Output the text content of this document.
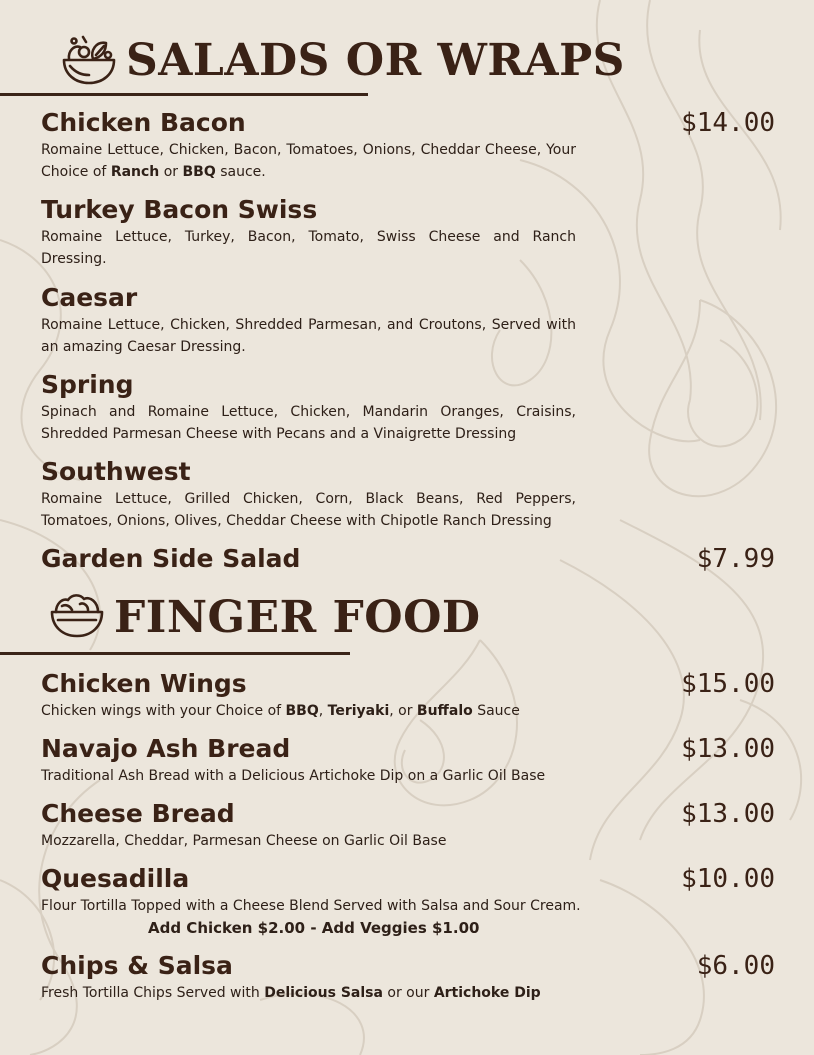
SALADS OR WRAPS
Chicken Bacon	$14.00
Romaine Lettuce, Chicken, Bacon, Tomatoes, Onions, Cheddar Cheese, Your Choice of Ranch or BBQ sauce.
Turkey Bacon Swiss
Romaine Lettuce, Turkey, Bacon, Tomato, Swiss Cheese and Ranch Dressing.
Caesar
Romaine Lettuce, Chicken, Shredded Parmesan, and Croutons, Served with an amazing Caesar Dressing.
Spring
Spinach and Romaine Lettuce, Chicken, Mandarin Oranges, Craisins, Shredded Parmesan Cheese with Pecans and a Vinaigrette Dressing
Southwest
Romaine Lettuce, Grilled Chicken, Corn, Black Beans, Red Peppers, Tomatoes, Onions, Olives, Cheddar Cheese with Chipotle Ranch Dressing
Garden Side Salad	$7.99
FINGER FOOD
Chicken Wings	$15.00
Chicken wings with your Choice of BBQ, Teriyaki, or Buffalo Sauce
Navajo Ash Bread	$13.00
Traditional Ash Bread with a Delicious Artichoke Dip on a Garlic Oil Base
Cheese Bread	$13.00
Mozzarella, Cheddar, Parmesan Cheese on Garlic Oil Base
Quesadilla	$10.00
Flour Tortilla Topped with a Cheese Blend Served with Salsa and Sour Cream.
Add Chicken $2.00 - Add Veggies $1.00
Chips & Salsa	$6.00
Fresh Tortilla Chips Served with Delicious Salsa or our Artichoke Dip
